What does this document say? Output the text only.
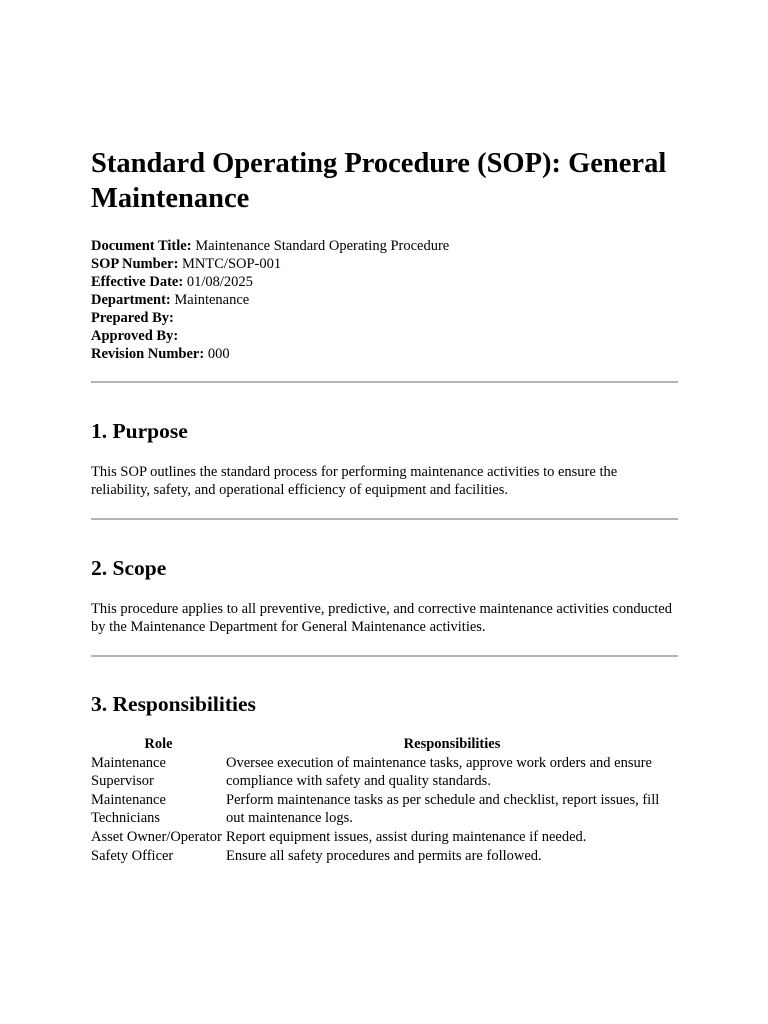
Standard Operating Procedure (SOP): General Maintenance
Document Title: Maintenance Standard Operating Procedure
SOP Number: MNTC/SOP-001
Effective Date: 01/08/2025
Department: Maintenance
Prepared By:
Approved By:
Revision Number: 000
1. Purpose

This SOP outlines the standard process for performing maintenance activities to ensure the reliability, safety, and operational efficiency of equipment and facilities.

2. Scope

This procedure applies to all preventive, predictive, and corrective maintenance activities conducted by the Maintenance Department for General Maintenance activities.

3. Responsibilities
Role	Responsibilities
Maintenance Supervisor	Oversee execution of maintenance tasks, approve work orders and ensure compliance with safety and quality standards.
Maintenance Technicians	Perform maintenance tasks as per schedule and checklist, report issues, fill out maintenance logs.
Asset Owner/Operator	Report equipment issues, assist during maintenance if needed.
Safety Officer	Ensure all safety procedures and permits are followed.
